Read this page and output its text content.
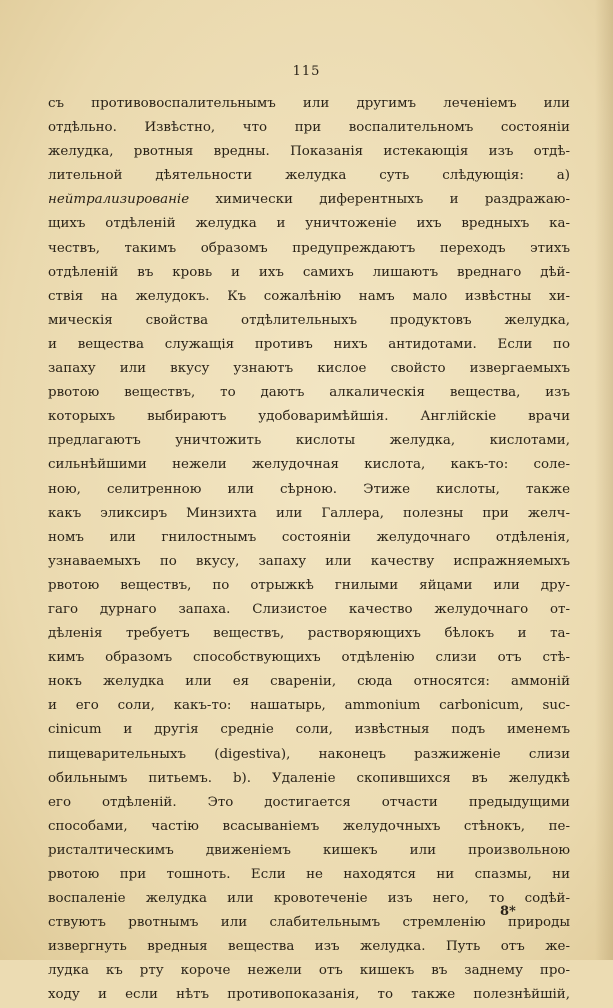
115
съ противовоспалительнымъ или другимъ леченіемъ или
отдѣльно. Извѣстно, что при воспалительномъ состояніи
желудка, рвотныя вредны. Показанія истекающія изъ отдѣ-
лительной дѣятельности желудка суть слѣдующія: а)
нейтрализированіе химически диферентныхъ и раздражаю-
щихъ отдѣленій желудка и уничтоженіе ихъ вредныхъ ка-
чествъ, такимъ образомъ предупреждаютъ переходъ этихъ
отдѣленій въ кровь и ихъ самихъ лишаютъ вреднаго дѣй-
ствія на желудокъ. Къ сожалѣнію намъ мало извѣстны хи-
мическія свойства отдѣлительныхъ продуктовъ желудка,
и вещества служащія противъ нихъ антидотами. Если по
запаху или вкусу узнаютъ кислое свойсто извергаемыхъ
рвотою веществъ, то даютъ алкалическія вещества, изъ
которыхъ выбираютъ удобоваримѣйшія. Англійскіе врачи
предлагаютъ уничтожить кислоты желудка, кислотами,
сильнѣйшими нежели желудочная кислота, какъ-то: соле-
ною, селитренною или сѣрною. Этиже кислоты, также
какъ эликсиръ Минзихта или Галлера, полезны при желч-
номъ или гнилостнымъ состояніи желудочнаго отдѣленія,
узнаваемыхъ по вкусу, запаху или качеству испражняемыхъ
рвотою веществъ, по отрыжкѣ гнилыми яйцами или дру-
гаго дурнаго запаха. Слизистое качество желудочнаго от-
дѣленія требуетъ веществъ, растворяющихъ бѣлокъ и та-
кимъ образомъ способствующихъ отдѣленію слизи отъ стѣ-
нокъ желудка или ея свареніи, сюда относятся: аммоній
и его соли, какъ-то: нашатырь, ammonium carbonicum, suc-
cinicum и другія средніе соли, извѣстныя подъ именемъ
пищеварительныхъ (digestiva), наконецъ разжиженіе слизи
обильнымъ питьемъ. b). Удаленіе скопившихся въ желудкѣ
его отдѣленій. Это достигается отчасти предыдущими
способами, частію всасываніемъ желудочныхъ стѣнокъ, пе-
ристалтическимъ движеніемъ кишекъ или произвольною
рвотою при тошноть. Если не находятся ни спазмы, ни
воспаленіе желудка или кровотеченіе изъ него, то содѣй-
ствуютъ рвотнымъ или слабительнымъ стремленію природы
извергнуть вредныя вещества изъ желудка. Путь отъ же-
лудка къ рту короче нежели отъ кишекъ въ заднему про-
ходу и если нѣтъ противопоказанія, то также полезнѣйшій,
8*
